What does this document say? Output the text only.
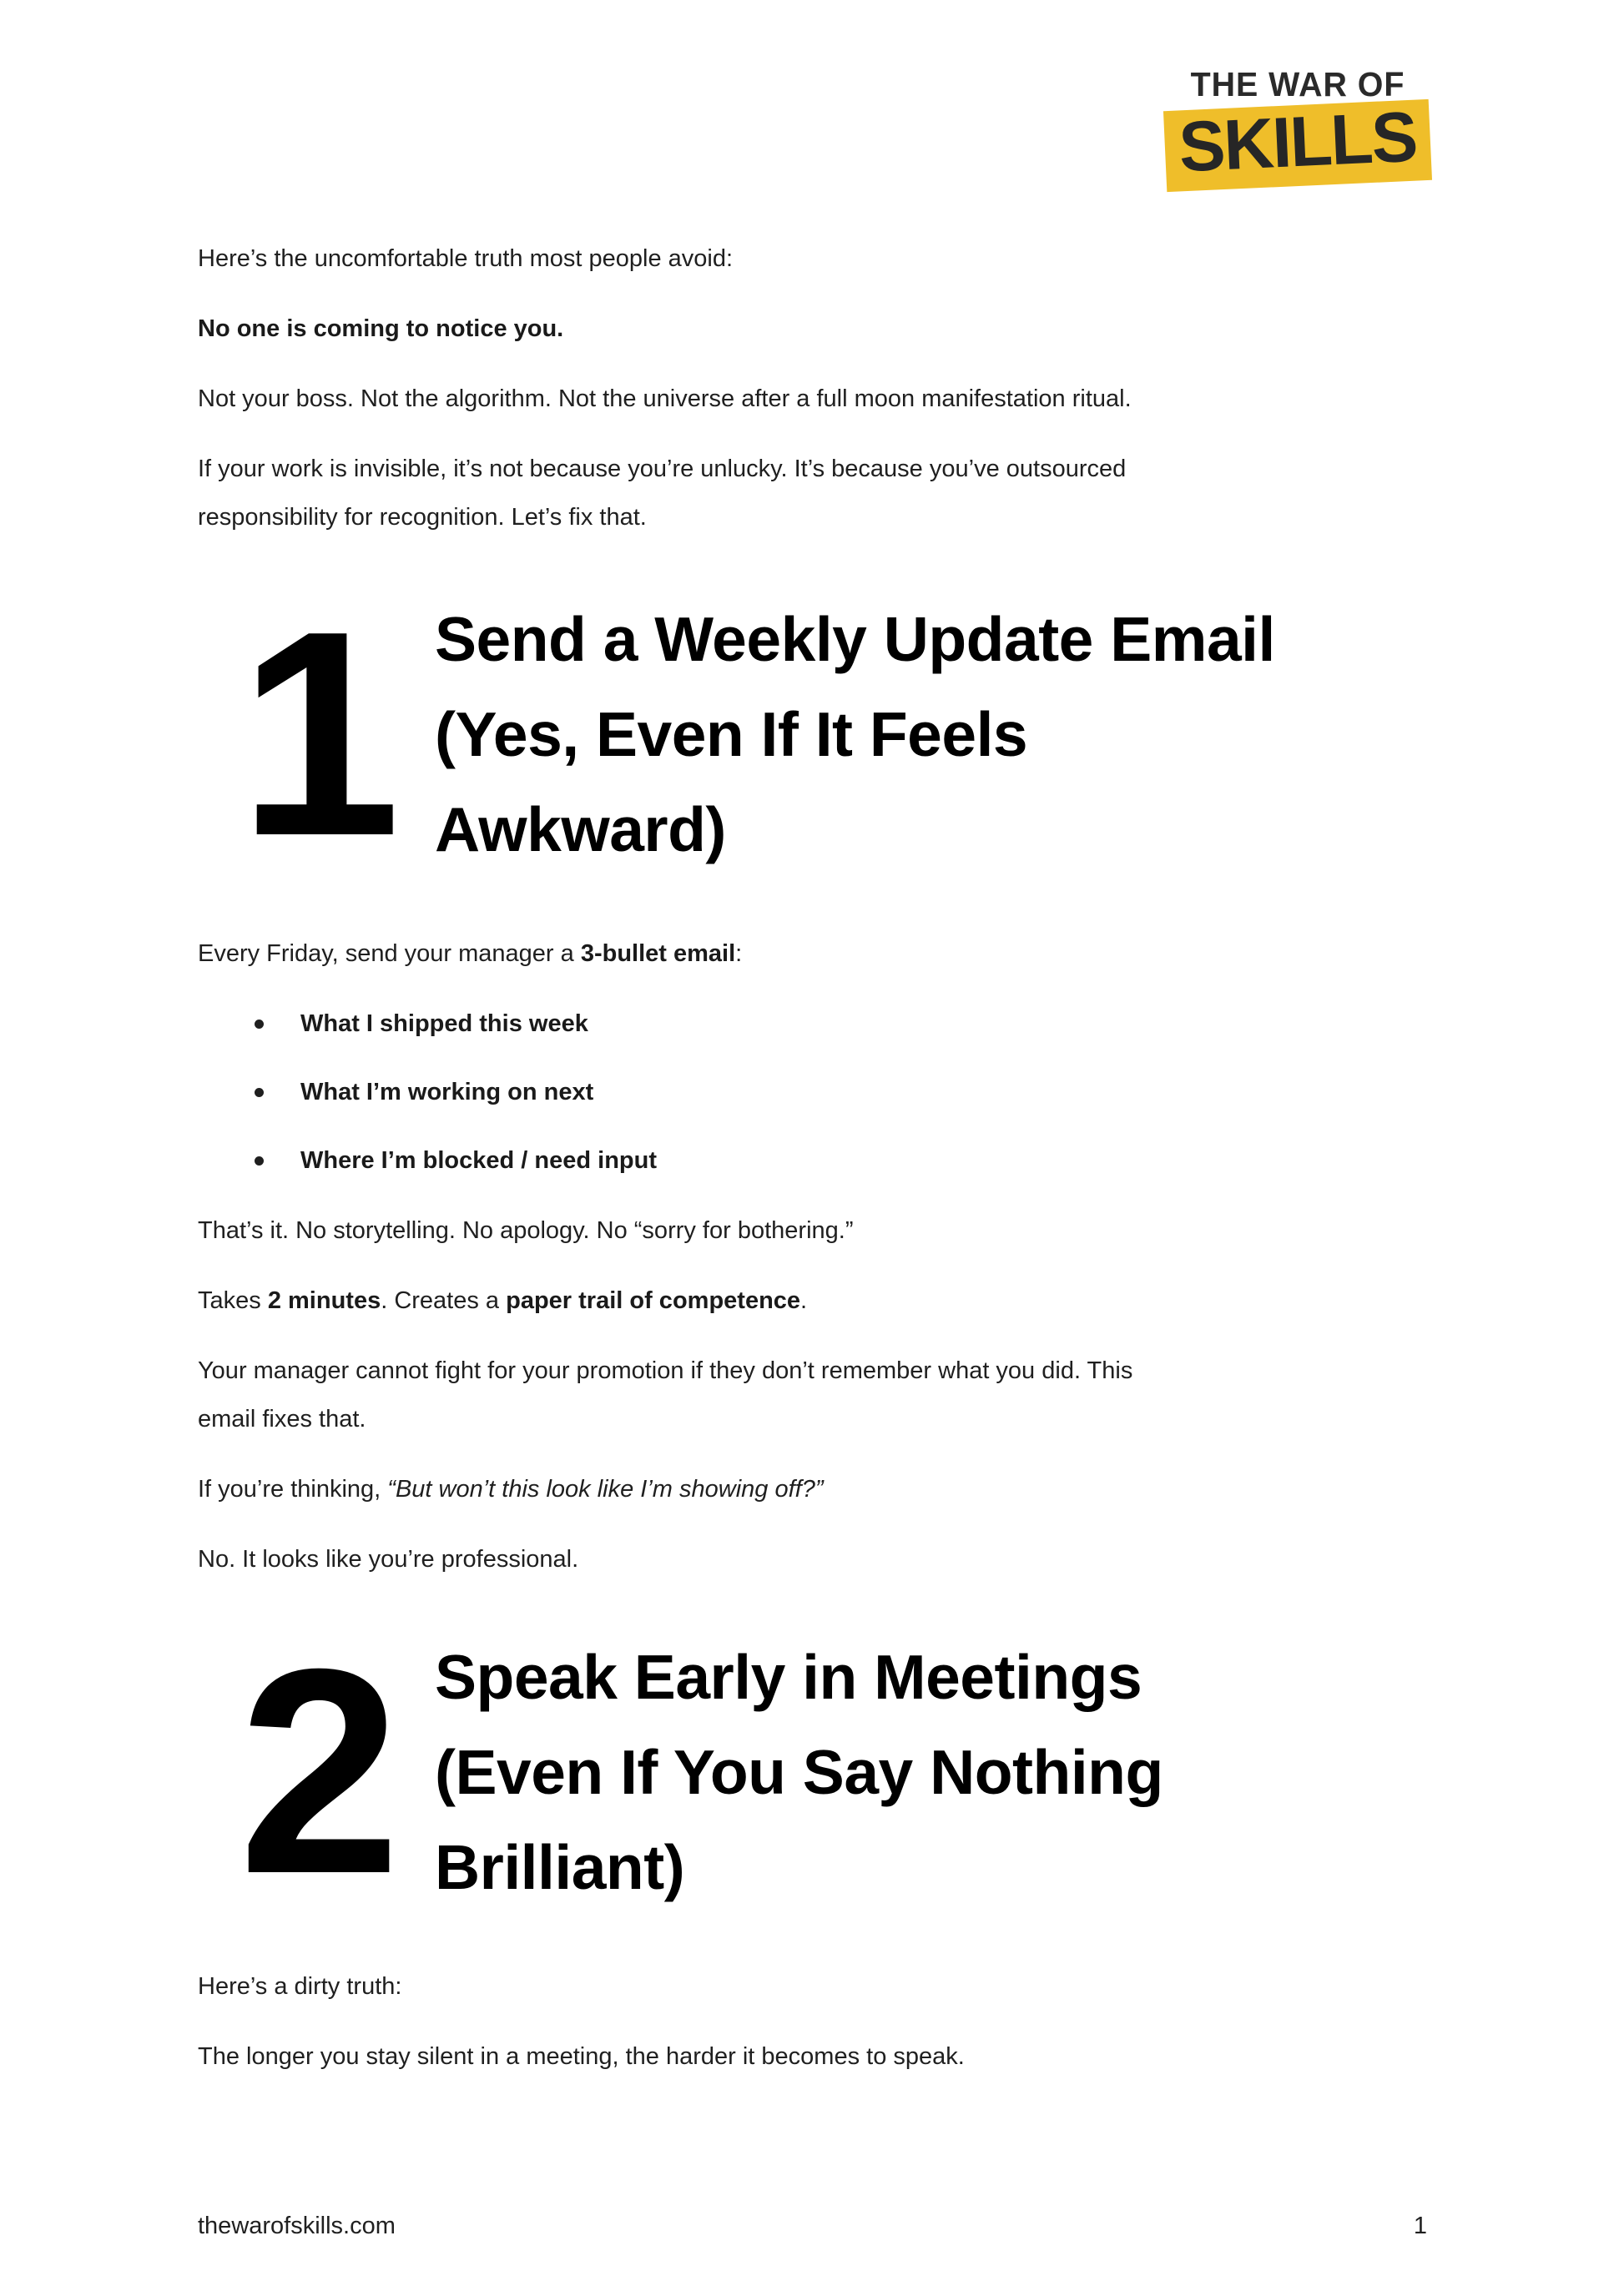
THE WAR OF
SKILLS

Here’s the uncomfortable truth most people avoid:

No one is coming to notice you.

Not your boss. Not the algorithm. Not the universe after a full moon manifestation ritual.

If your work is invisible, it’s not because you’re unlucky. It’s because you’ve outsourced
responsibility for recognition. Let’s fix that.

1 Send a Weekly Update Email
(Yes, Even If It Feels
Awkward)

Every Friday, send your manager a 3-bullet email:

What I shipped this week
What I’m working on next
Where I’m blocked / need input

That’s it. No storytelling. No apology. No “sorry for bothering.”

Takes 2 minutes. Creates a paper trail of competence.

Your manager cannot fight for your promotion if they don’t remember what you did. This
email fixes that.

If you’re thinking, “But won’t this look like I’m showing off?”

No. It looks like you’re professional.

2 Speak Early in Meetings
(Even If You Say Nothing
Brilliant)

Here’s a dirty truth:

The longer you stay silent in a meeting, the harder it becomes to speak.

thewarofskills.com	1
